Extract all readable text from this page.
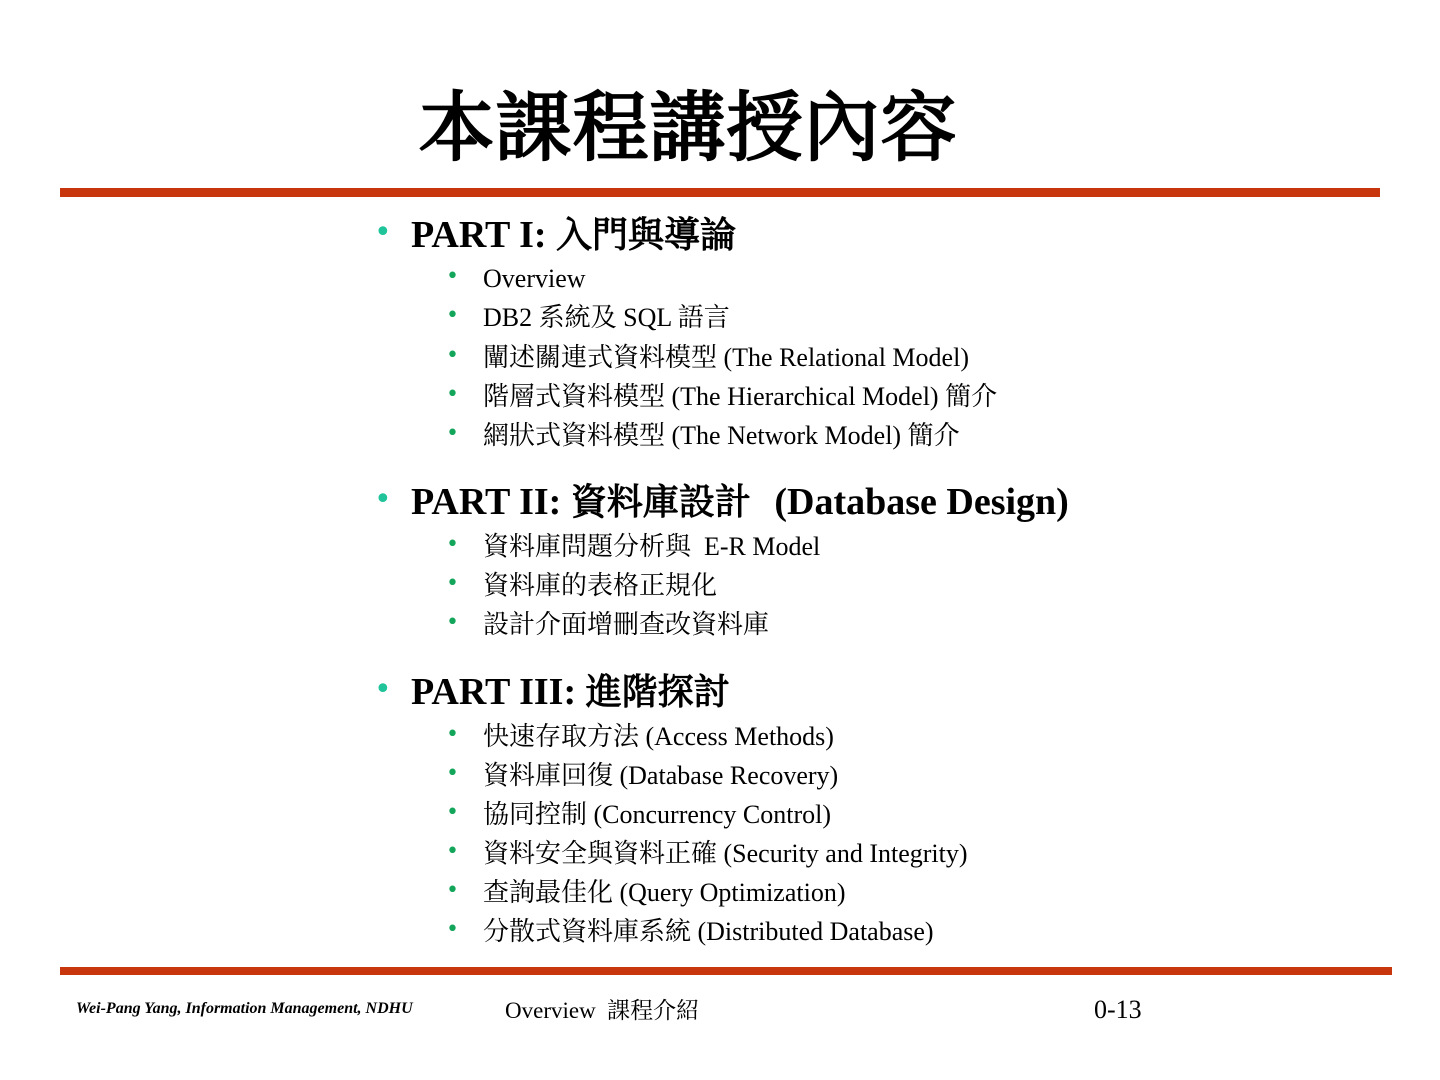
本課程講授內容
• PART I: 入門與導論
• Overview
• DB2 系統及 SQL 語言
• 闡述關連式資料模型 (The Relational Model)
• 階層式資料模型 (The Hierarchical Model) 簡介
• 網狀式資料模型 (The Network Model) 簡介
• PART II: 資料庫設計 (Database Design)
• 資料庫問題分析與  E-R Model
• 資料庫的表格正規化
• 設計介面增刪查改資料庫
• PART III: 進階探討
• 快速存取方法 (Access Methods)
• 資料庫回復 (Database Recovery)
• 協同控制 (Concurrency Control)
• 資料安全與資料正確 (Security and Integrity)
• 查詢最佳化 (Query Optimization)
• 分散式資料庫系統 (Distributed Database)
Wei-Pang Yang, Information Management, NDHU	Overview  課程介紹	0-13
